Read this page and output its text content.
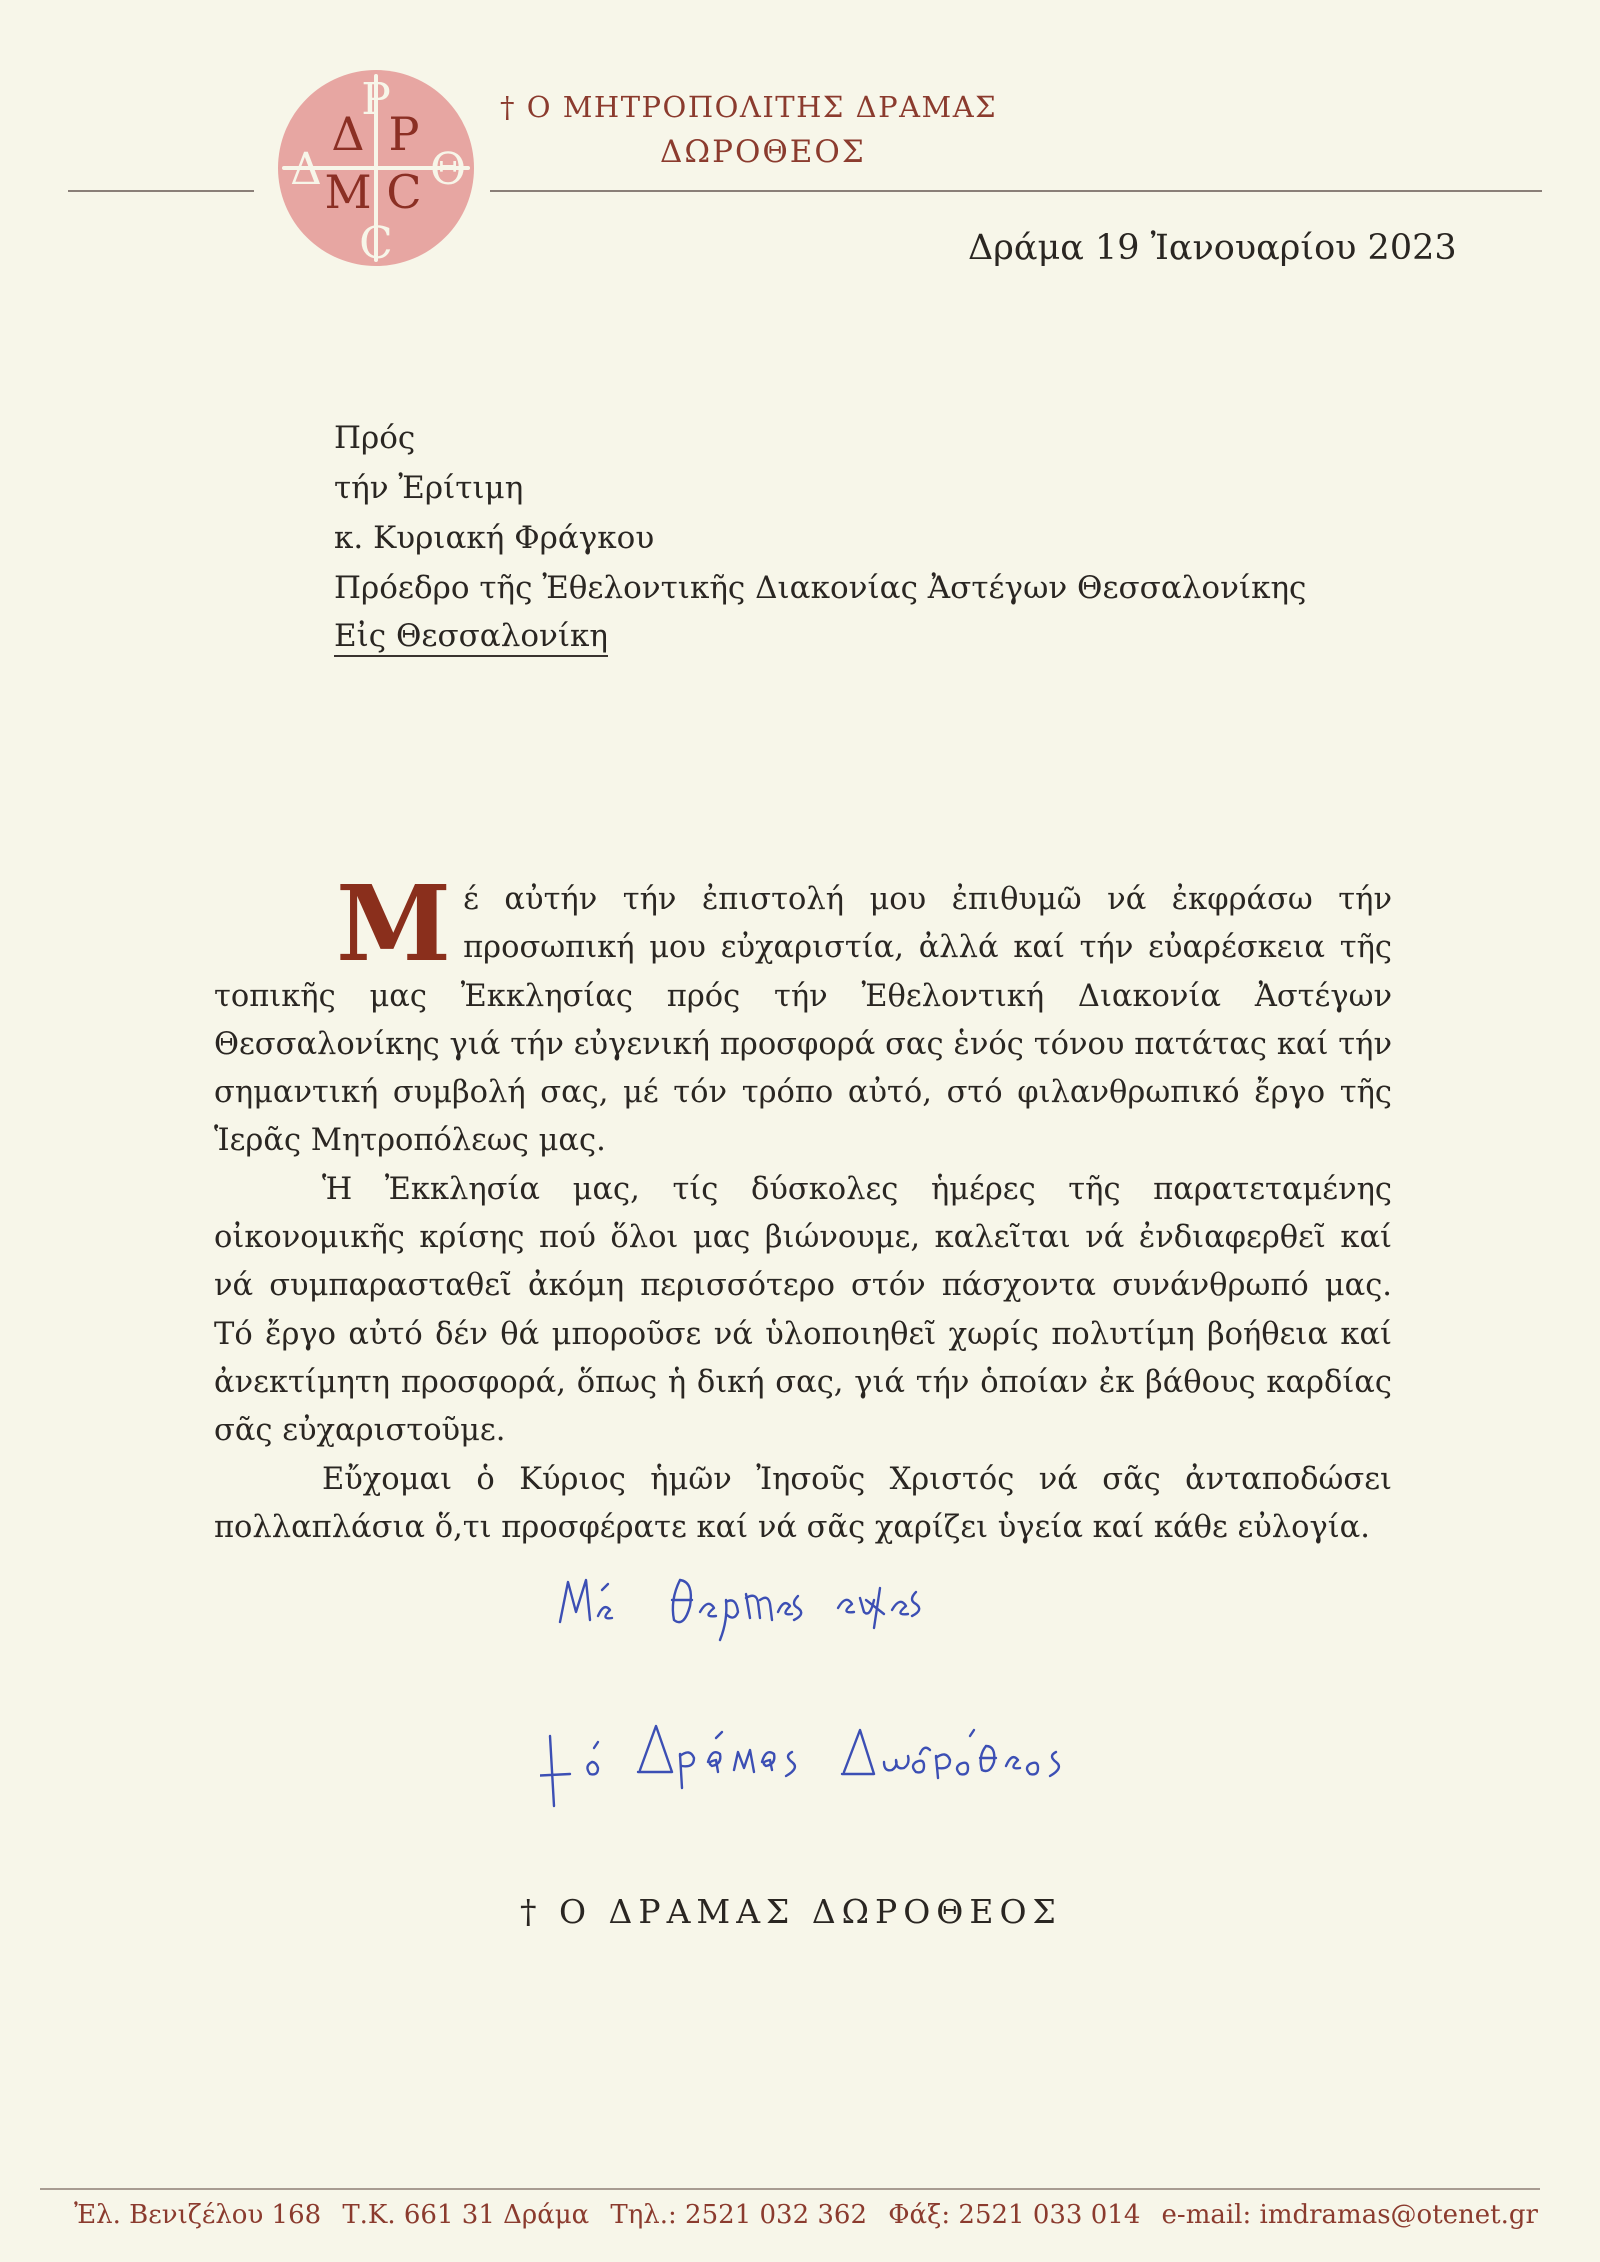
Δ Ρ
Μ С
Ρ
Δ Θ
С
† Ο ΜΗΤΡΟΠΟΛΙΤΗΣ ΔΡΑΜΑΣ
ΔΩΡΟΘΕΟΣ
Δράμα 19 Ἰανουαρίου 2023
Πρός
τήν Ἐρίτιμη
κ. Κυριακή Φράγκου
Πρόεδρο τῆς Ἐθελοντικῆς Διακονίας Ἀστέγων Θεσσαλονίκης
Εἰς Θεσσαλονίκη

Mέ αὐτήν τήν ἐπιστολή μου ἐπιθυμῶ νά ἐκφράσω τήν προσωπική μου εὐχαριστία, ἀλλά καί τήν εὐαρέσκεια τῆς τοπικῆς μας Ἐκκλησίας πρός τήν Ἐθελοντική Διακονία Ἀστέγων Θεσσαλονίκης γιά τήν εὐγενική προσφορά σας ἑνός τόνου πατάτας καί τήν σημαντική συμβολή σας, μέ τόν τρόπο αὐτό, στό φιλανθρωπικό ἔργο τῆς Ἱερᾶς Μητροπόλεως μας.

Ἡ Ἐκκλησία μας, τίς δύσκολες ἡμέρες τῆς παρατεταμένης οἰκονομικῆς κρίσης πού ὅλοι μας βιώνουμε, καλεῖται νά ἐνδιαφερθεῖ καί νά συμπαρασταθεῖ ἀκόμη περισσότερο στόν πάσχοντα συνάνθρωπό μας. Τό ἔργο αὐτό δέν θά μποροῦσε νά ὑλοποιηθεῖ χωρίς πολυτίμη βοήθεια καί ἀνεκτίμητη προσφορά, ὅπως ἡ δική σας, γιά τήν ὁποίαν ἐκ βάθους καρδίας σᾶς εὐχαριστοῦμε.

Εὔχομαι ὁ Κύριος ἡμῶν Ἰησοῦς Χριστός νά σᾶς ἀνταποδώσει πολλαπλάσια ὅ,τι προσφέρατε καί νά σᾶς χαρίζει ὑγεία καί κάθε εὐλογία.

† Ο ΔΡΑΜΑΣ ΔΩΡΟΘΕΟΣ
Ἐλ. Βενιζέλου 168 Τ.Κ. 661 31 Δράμα Τηλ.: 2521 032 362 Φάξ: 2521 033 014 e-mail: imdramas@otenet.gr
